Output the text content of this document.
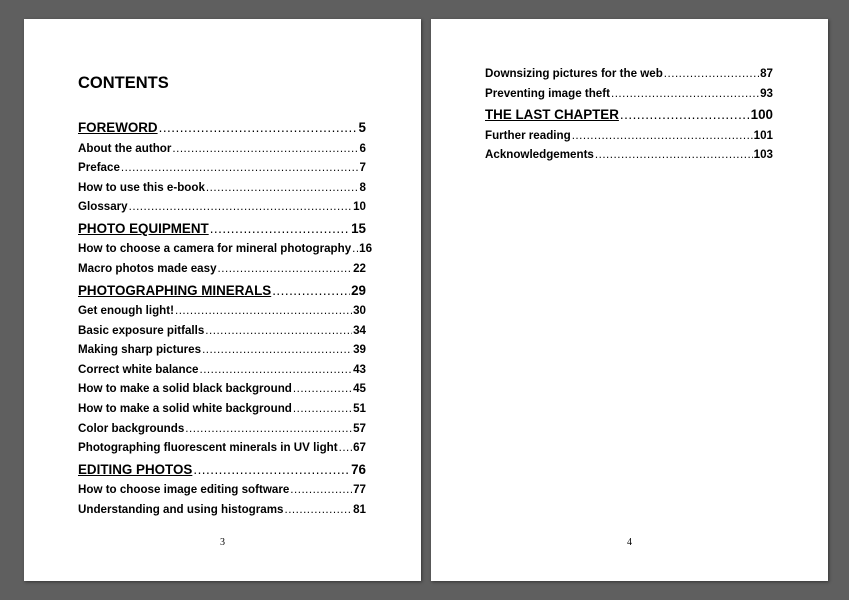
CONTENTS
FOREWORD .....	5
About the author .....	6
Preface .....	7
How to use this e-book .....	8
Glossary .....	10
PHOTO EQUIPMENT .....	15
How to choose a camera for mineral photography ..... 16
Macro photos made easy .....	22
PHOTOGRAPHING MINERALS .....	29
Get enough light! .....	30
Basic exposure pitfalls .....	34
Making sharp pictures .....	39
Correct white balance .....	43
How to make a solid black background .....	45
How to make a solid white background .....	51
Color backgrounds .....	57
Photographing fluorescent minerals in UV light ..... 67
EDITING PHOTOS .....	76
How to choose image editing software .....	77
Understanding and using histograms .....	81
3
Downsizing pictures for the web .....	87
Preventing image theft .....	93
THE LAST CHAPTER .....	100
Further reading .....	101
Acknowledgements .....	103
4
